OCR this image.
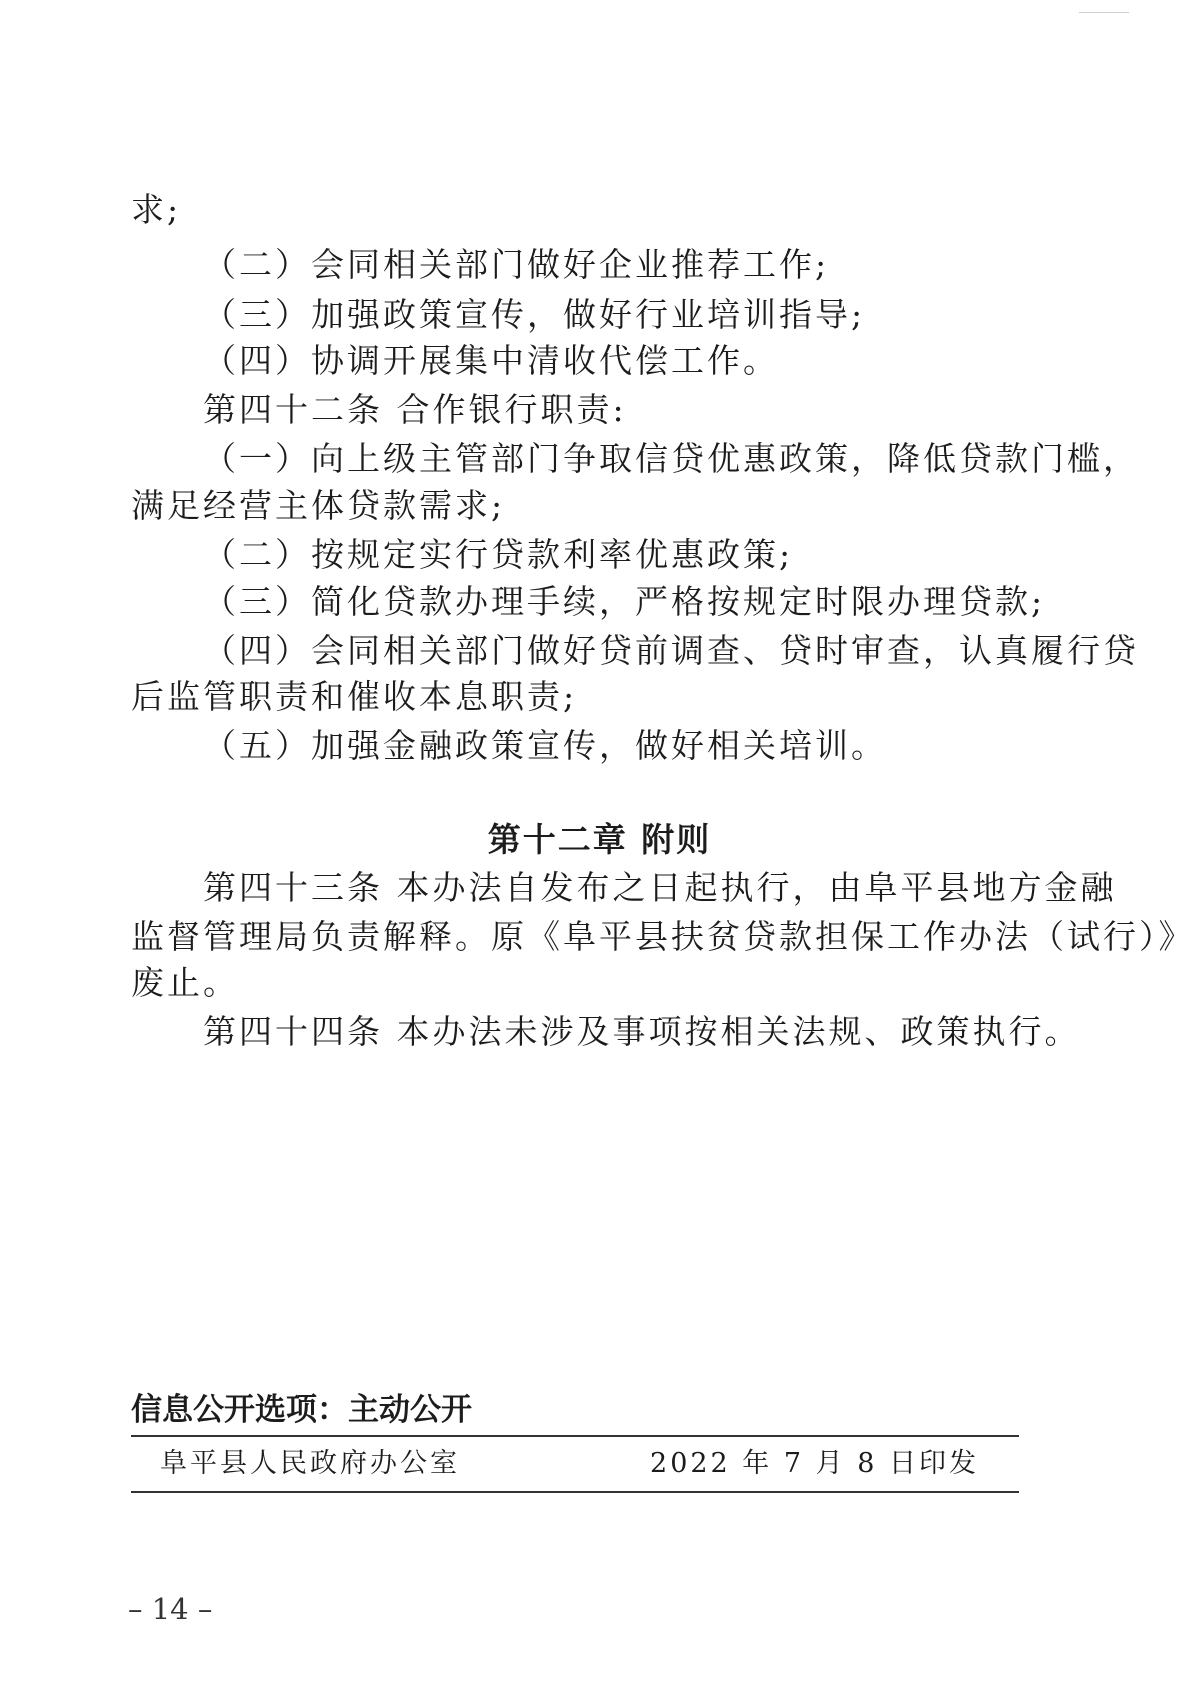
求;
（二）会同相关部门做好企业推荐工作;
（三）加强政策宣传，做好行业培训指导;
（四）协调开展集中清收代偿工作。
第四十二条 合作银行职责:
（一）向上级主管部门争取信贷优惠政策，降低贷款门槛，
满足经营主体贷款需求;
（二）按规定实行贷款利率优惠政策;
（三）简化贷款办理手续，严格按规定时限办理贷款;
（四）会同相关部门做好贷前调查、贷时审查，认真履行贷
后监管职责和催收本息职责;
（五）加强金融政策宣传，做好相关培训。
第十二章 附则
第四十三条 本办法自发布之日起执行，由阜平县地方金融
监督管理局负责解释。原《阜平县扶贫贷款担保工作办法（试行）》
废止。
第四十四条 本办法未涉及事项按相关法规、政策执行。
信息公开选项：主动公开
阜平县人民政府办公室	2022 年 7 月 8 日印发
– 14 –
